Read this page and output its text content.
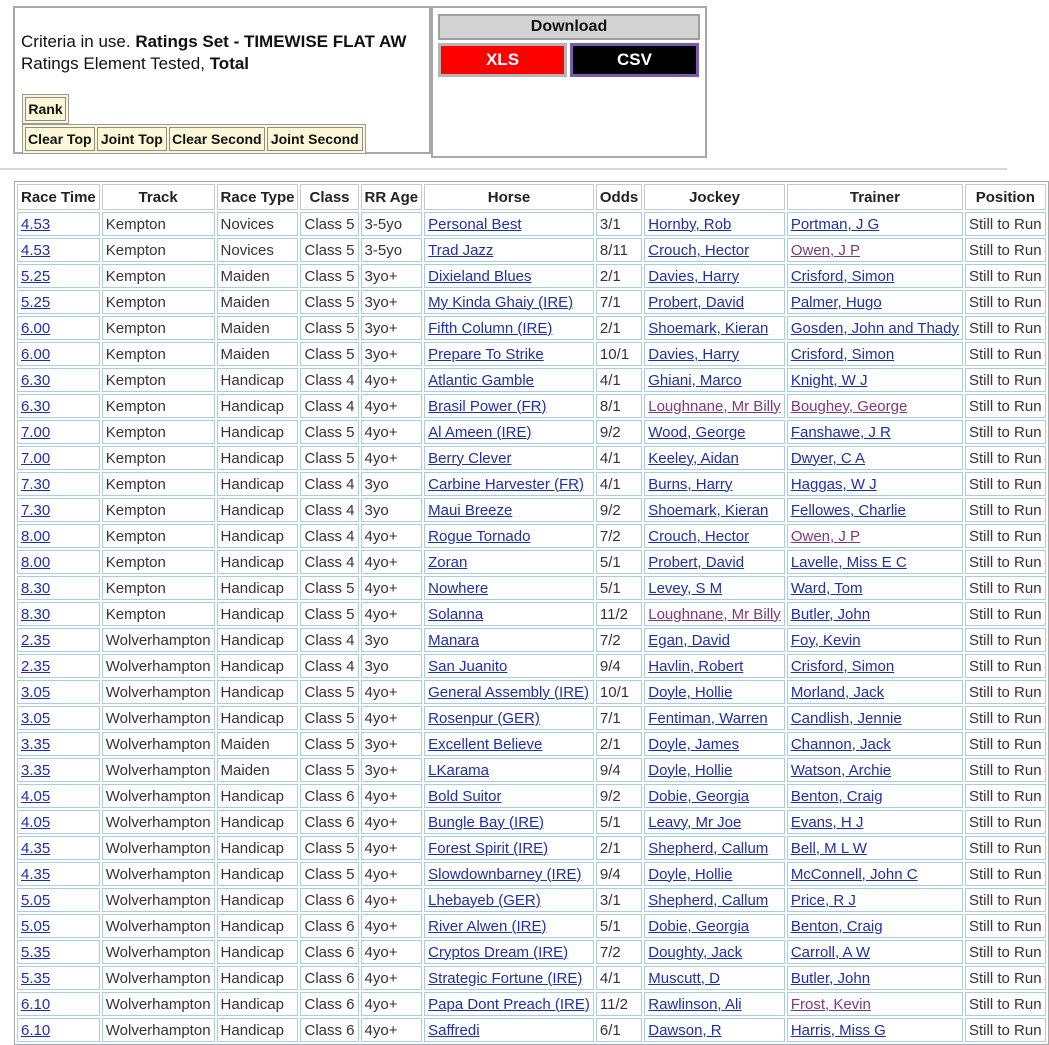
Criteria in use. Ratings Set - TIMEWISE FLAT AW
Ratings Element Tested, Total
Rank
Clear Top Joint Top Clear Second Joint Second
Download
XLS	CSV
Race Time	Track	Race Type	Class	RR Age	Horse	Odds	Jockey	Trainer	Position
4.53	Kempton	Novices	Class 5	3-5yo	Personal Best	3/1	Hornby, Rob	Portman, J G	Still to Run
4.53	Kempton	Novices	Class 5	3-5yo	Trad Jazz	8/11	Crouch, Hector	Owen, J P	Still to Run
5.25	Kempton	Maiden	Class 5	3yo+	Dixieland Blues	2/1	Davies, Harry	Crisford, Simon	Still to Run
5.25	Kempton	Maiden	Class 5	3yo+	My Kinda Ghaiy (IRE)	7/1	Probert, David	Palmer, Hugo	Still to Run
6.00	Kempton	Maiden	Class 5	3yo+	Fifth Column (IRE)	2/1	Shoemark, Kieran	Gosden, John and Thady	Still to Run
6.00	Kempton	Maiden	Class 5	3yo+	Prepare To Strike	10/1	Davies, Harry	Crisford, Simon	Still to Run
6.30	Kempton	Handicap	Class 4	4yo+	Atlantic Gamble	4/1	Ghiani, Marco	Knight, W J	Still to Run
6.30	Kempton	Handicap	Class 4	4yo+	Brasil Power (FR)	8/1	Loughnane, Mr Billy	Boughey, George	Still to Run
7.00	Kempton	Handicap	Class 5	4yo+	Al Ameen (IRE)	9/2	Wood, George	Fanshawe, J R	Still to Run
7.00	Kempton	Handicap	Class 5	4yo+	Berry Clever	4/1	Keeley, Aidan	Dwyer, C A	Still to Run
7.30	Kempton	Handicap	Class 4	3yo	Carbine Harvester (FR)	4/1	Burns, Harry	Haggas, W J	Still to Run
7.30	Kempton	Handicap	Class 4	3yo	Maui Breeze	9/2	Shoemark, Kieran	Fellowes, Charlie	Still to Run
8.00	Kempton	Handicap	Class 4	4yo+	Rogue Tornado	7/2	Crouch, Hector	Owen, J P	Still to Run
8.00	Kempton	Handicap	Class 4	4yo+	Zoran	5/1	Probert, David	Lavelle, Miss E C	Still to Run
8.30	Kempton	Handicap	Class 5	4yo+	Nowhere	5/1	Levey, S M	Ward, Tom	Still to Run
8.30	Kempton	Handicap	Class 5	4yo+	Solanna	11/2	Loughnane, Mr Billy	Butler, John	Still to Run
2.35	Wolverhampton	Handicap	Class 4	3yo	Manara	7/2	Egan, David	Foy, Kevin	Still to Run
2.35	Wolverhampton	Handicap	Class 4	3yo	San Juanito	9/4	Havlin, Robert	Crisford, Simon	Still to Run
3.05	Wolverhampton	Handicap	Class 5	4yo+	General Assembly (IRE)	10/1	Doyle, Hollie	Morland, Jack	Still to Run
3.05	Wolverhampton	Handicap	Class 5	4yo+	Rosenpur (GER)	7/1	Fentiman, Warren	Candlish, Jennie	Still to Run
3.35	Wolverhampton	Maiden	Class 5	3yo+	Excellent Believe	2/1	Doyle, James	Channon, Jack	Still to Run
3.35	Wolverhampton	Maiden	Class 5	3yo+	LKarama	9/4	Doyle, Hollie	Watson, Archie	Still to Run
4.05	Wolverhampton	Handicap	Class 6	4yo+	Bold Suitor	9/2	Dobie, Georgia	Benton, Craig	Still to Run
4.05	Wolverhampton	Handicap	Class 6	4yo+	Bungle Bay (IRE)	5/1	Leavy, Mr Joe	Evans, H J	Still to Run
4.35	Wolverhampton	Handicap	Class 5	4yo+	Forest Spirit (IRE)	2/1	Shepherd, Callum	Bell, M L W	Still to Run
4.35	Wolverhampton	Handicap	Class 5	4yo+	Slowdownbarney (IRE)	9/4	Doyle, Hollie	McConnell, John C	Still to Run
5.05	Wolverhampton	Handicap	Class 6	4yo+	Lhebayeb (GER)	3/1	Shepherd, Callum	Price, R J	Still to Run
5.05	Wolverhampton	Handicap	Class 6	4yo+	River Alwen (IRE)	5/1	Dobie, Georgia	Benton, Craig	Still to Run
5.35	Wolverhampton	Handicap	Class 6	4yo+	Cryptos Dream (IRE)	7/2	Doughty, Jack	Carroll, A W	Still to Run
5.35	Wolverhampton	Handicap	Class 6	4yo+	Strategic Fortune (IRE)	4/1	Muscutt, D	Butler, John	Still to Run
6.10	Wolverhampton	Handicap	Class 6	4yo+	Papa Dont Preach (IRE)	11/2	Rawlinson, Ali	Frost, Kevin	Still to Run
6.10	Wolverhampton	Handicap	Class 6	4yo+	Saffredi	6/1	Dawson, R	Harris, Miss G	Still to Run
